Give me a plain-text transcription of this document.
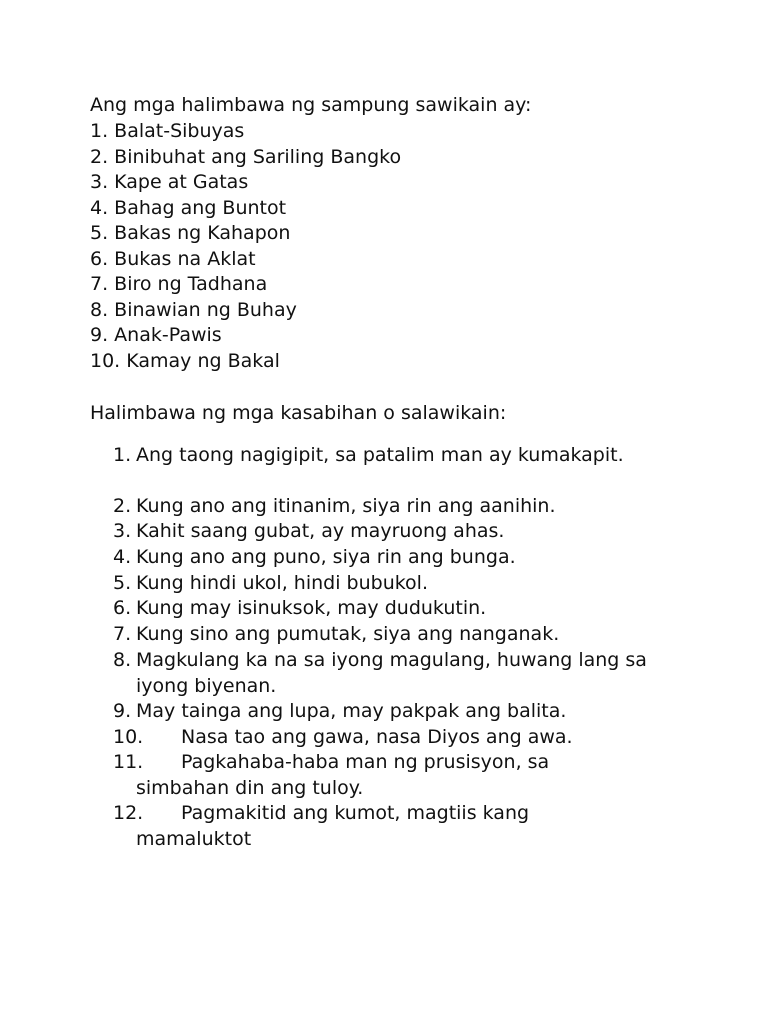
Ang mga halimbawa ng sampung sawikain ay:
1. Balat-Sibuyas
2. Binibuhat ang Sariling Bangko
3. Kape at Gatas
4. Bahag ang Buntot
5. Bakas ng Kahapon
6. Bukas na Aklat
7. Biro ng Tadhana
8. Binawian ng Buhay
9. Anak-Pawis
10. Kamay ng Bakal
Halimbawa ng mga kasabihan o salawikain:
1. Ang taong nagigipit, sa patalim man ay kumakapit.
2. Kung ano ang itinanim, siya rin ang aanihin.
3. Kahit saang gubat, ay mayruong ahas.
4. Kung ano ang puno, siya rin ang bunga.
5. Kung hindi ukol, hindi bubukol.
6. Kung may isinuksok, may dudukutin.
7. Kung sino ang pumutak, siya ang nanganak.
8. Magkulang ka na sa iyong magulang, huwang lang sa iyong biyenan.
9. May tainga ang lupa, may pakpak ang balita.
10. Nasa tao ang gawa, nasa Diyos ang awa.
11.	Pagkahaba-haba man ng prusisyon, sa simbahan din ang tuloy.
12.	Pagmakitid ang kumot, magtiis kang mamaluktot
